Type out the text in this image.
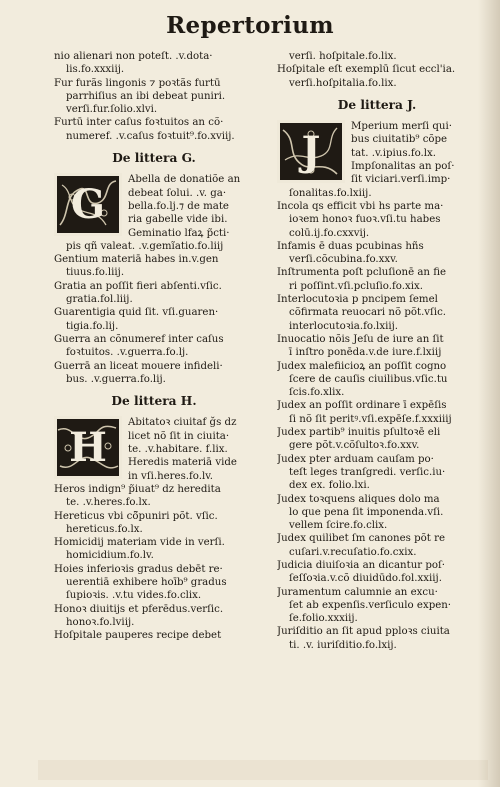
Repertorium
nio alienari non poteſt. .v.dota·
lis.fo.xxxiij.
Fur furãs lingonis ⁊ poꝛtãs furtū
parrhiſius an ibi debeat puniri.
verſi.fur.ſolio.xlvi.
Furtū inter caſus foꝛtuitos an cõ·
numeref. .v.caſus foꝛtuit⁹.fo.xviij.
De littera G.
G
Abella de donatiõe an
debeat ſolui. .v. ga·
bella.fo.lj.⁊ de mate
ria gabelle vide ibi.
Geminatio lfaꝝ p̃cti·
pis qñ valeat. .v.gemĩatio.fo.liij
Gentium materiā habes in.v.gen
tiuus.fo.liij.
Gratia an poſſit fieri abſenti.vſic.
gratia.fol.liij.
Guarentigia quid ſit. vſi.guaren·
tigia.fo.lij.
Guerra an cõnumeref inter caſus
foꝛtuitos. .v.guerra.fo.lj.
Guerrā an liceat mouere infideli·
bus. .v.guerra.fo.lij.
De littera H.
H
Abitatoꝛ ciuitaf ğs dz
licet nõ ſit in ciuita·
te. .v.habitare. f.lix.
Heredis materiā vide
in vſi.heres.fo.lv.
Heros indign⁹ p̃iuat⁹ dz heredita
te. .v.heres.fo.lx.
Hereticus vbi cõ̃puniri põt. vſic.
hereticus.fo.lx.
Homicidij materiam vide in verſi.
homicidium.fo.lv.
Hoies inferioꝛis gradus debēt re·
uerentiā exhibere hoīb⁹ gradus
ſupioꝛis. .v.tu vides.fo.clix.
Honoꝛ diuitijs et pferēdus.verſic.
honoꝛ.fo.lviij.
Hoſpitale pauperes recipe debet
verſi. hoſpitale.fo.lix.
Hoſpitale eſt exemplū ſicut eccl'ia.
verſi.hoſpitalia.fo.lix.
De littera J.
J
Mperium merſi qui·
bus ciuitatib⁹ cõpe
tat. .v.ipius.fo.lx.
Impſonalitas an poſ·
ſit viciari.verſi.imp·
ſonalitas.fo.lxiij.
Incola qs efficit vbi hs parte ma·
ioꝛem honoꝛ fuoꝛ.vſi.tu habes
colū.ij.fo.cxxvij.
Infamis ē duas pcubinas hñs
verſi.cõcubina.fo.xxv.
Inſtrumenta poſt pcluſionē an fie
ri poſſint.vſi.pcluſio.fo.xix.
Interlocutoꝛia p pncipem ſemel
cõfirmata reuocari nõ põt.vſic.
interlocutoꝛia.fo.lxiij.
Inuocatio nõis Jeſu de iure an ſit
ī inſtro ponēda.v.de iure.f.lxiij
Judex malefiicioꝝ an poſſit cogno
ſcere de cauſis ciuilibus.vſic.tu
ſcis.fo.xlix.
Judex an poſſit ordinare ī expēſis
ſi nõ ſit peritꝰ.vſi.expēſe.f.xxxiiij
Judex partib⁹ inuitis pſultoꝛē eli
gere põt.v.cõſultoꝛ.fo.xxv.
Judex pter arduam cauſam po·
teſt leges tranſgredi. verſic.iu·
dex ex. folio.lxi.
Judex toꝛquens aliques dolo ma
lo que pena ſit imponenda.vſi.
vellem ſcire.fo.clix.
Judex quilibet ſm canones põt re
cuſari.v.recuſatio.fo.cxix.
Judicia diuiſoꝛia an dicantur poſ·
ſeſſoꝛia.v.cõ diuidūdo.fol.xxiij.
Juramentum calumnie an excu·
ſet ab expenſis.verſiculo expen·
ſe.folio.xxxiij.
Juriſditio an ſit apud pploꝛs ciuita
ti. .v. iuriſditio.fo.lxij.
